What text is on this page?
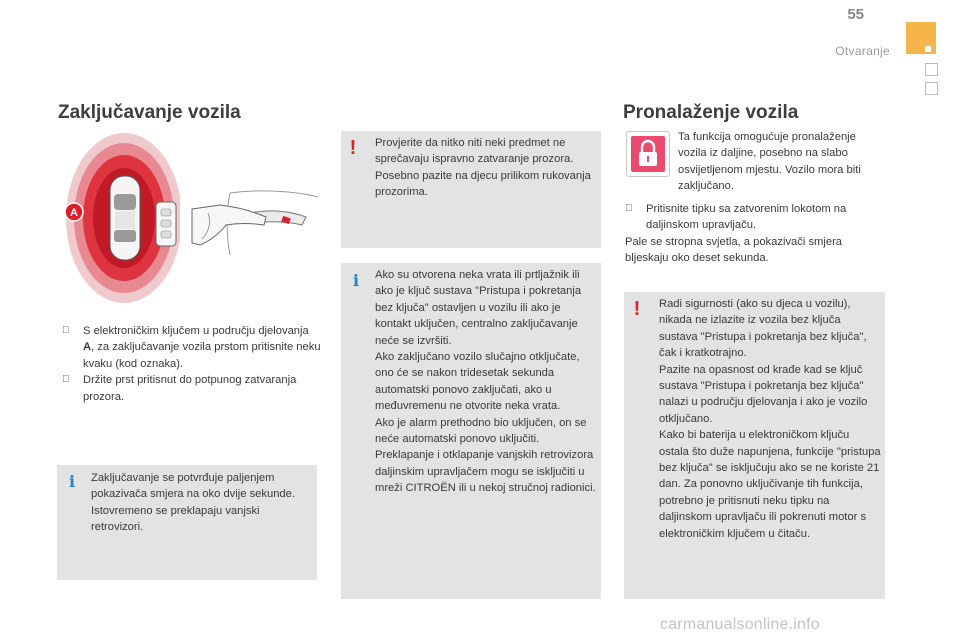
55
Otvaranje
Zaključavanje vozila
A
S elektroničkim ključem u području djelovanja A, za zaključavanje vozila prstom pritisnite neku kvaku (kod oznaka).
Držite prst pritisnut do potpunog zatvaranja prozora.
i Zaključavanje se potvrđuje paljenjem pokazivača smjera na oko dvije sekunde.
Istovremeno se preklapaju vanjski retrovizori.
! Provjerite da nitko niti neki predmet ne sprečavaju ispravno zatvaranje prozora.
Posebno pazite na djecu prilikom rukovanja prozorima.
i Ako su otvorena neka vrata ili prtljažnik ili ako je ključ sustava "Pristupa i pokretanja bez ključa" ostavljen u vozilu ili ako je kontakt uključen, centralno zaključavanje neće se izvršiti.
Ako zaključano vozilo slučajno otključate, ono će se nakon tridesetak sekunda automatski ponovo zaključati, ako u međuvremenu ne otvorite neka vrata.
Ako je alarm prethodno bio uključen, on se neće automatski ponovo uključiti.
Preklapanje i otklapanje vanjskih retrovizora daljinskim upravljačem mogu se isključiti u mreži CITROËN ili u nekoj stručnoj radionici.
Pronalaženje vozila
Ta funkcija omogućuje pronalaženje vozila iz daljine, posebno na slabo osvijetljenom mjestu. Vozilo mora biti zaključano.
Pritisnite tipku sa zatvorenim lokotom na daljinskom upravljaču.
Pale se stropna svjetla, a pokazivači smjera bljeskaju oko deset sekunda.
! Radi sigurnosti (ako su djeca u vozilu), nikada ne izlazite iz vozila bez ključa sustava "Pristupa i pokretanja bez ključa", čak i kratkotrajno.
Pazite na opasnost od krađe kad se ključ sustava "Pristupa i pokretanja bez ključa" nalazi u području djelovanja i ako je vozilo otključano.
Kako bi baterija u elektroničkom ključu ostala što duže napunjena, funkcije "pristupa bez ključa" se isključuju ako se ne koriste 21 dan. Za ponovno uključivanje tih funkcija, potrebno je pritisnuti neku tipku na daljinskom upravljaču ili pokrenuti motor s elektroničkim ključem u čitaču.
carmanualsonline.info
